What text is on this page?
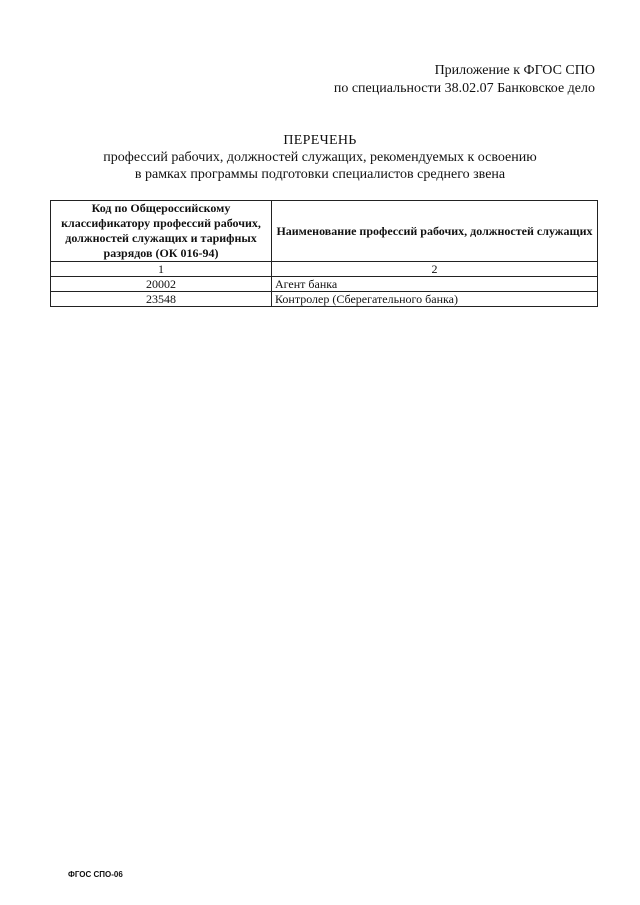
Приложение к ФГОС СПО
по специальности 38.02.07 Банковское дело
ПЕРЕЧЕНЬ
профессий рабочих, должностей служащих, рекомендуемых к освоению
в рамках программы подготовки специалистов среднего звена
Код по Общероссийскому классификатору профессий рабочих, должностей служащих и тарифных разрядов (ОК 016-94)	Наименование профессий рабочих, должностей служащих
1	2
20002	Агент банка
23548	Контролер (Сберегательного банка)
ФГОС СПО-06
